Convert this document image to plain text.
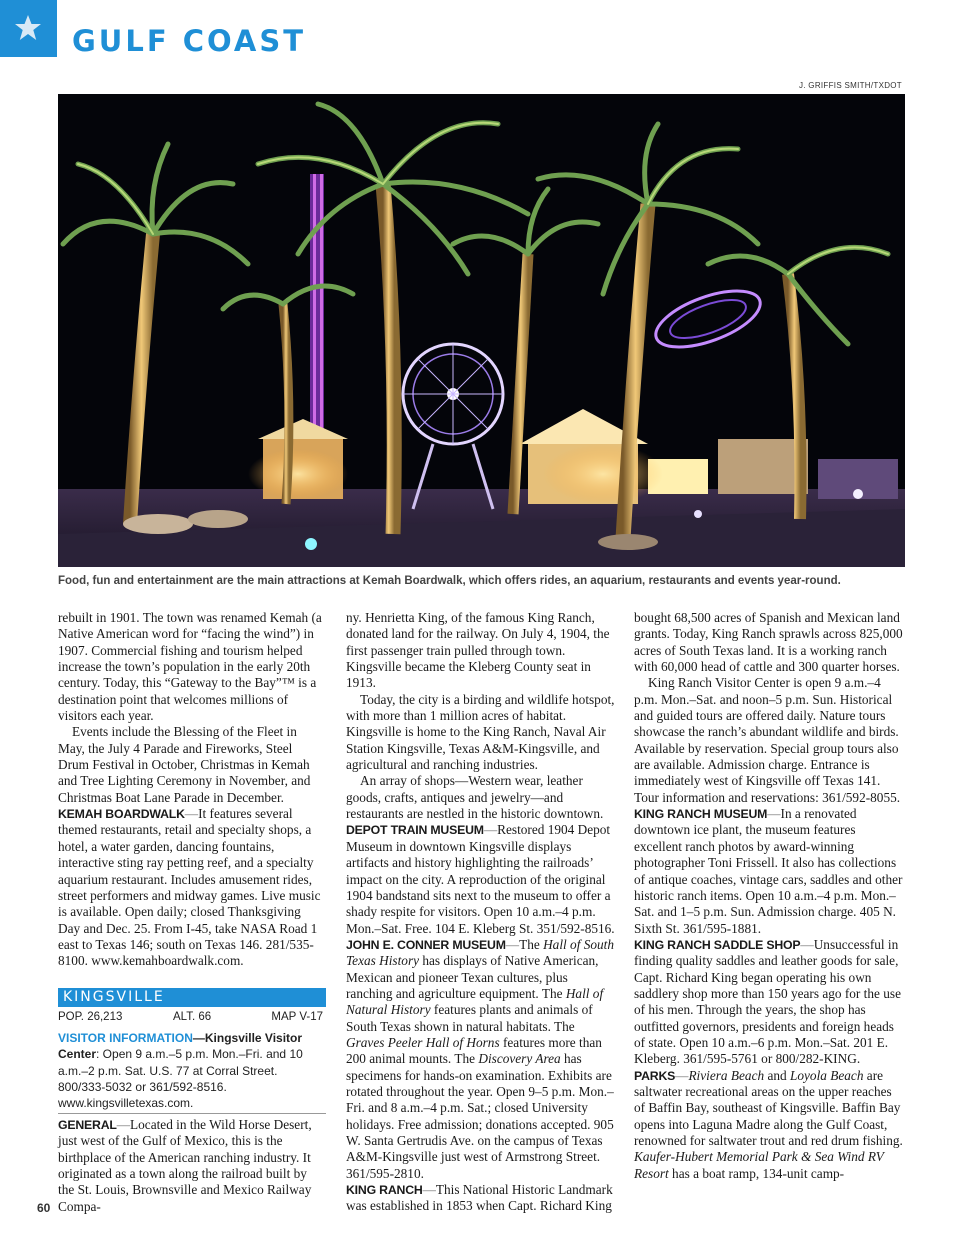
GULF COAST
J. GRIFFIS SMITH/TXDOT
Food, fun and entertainment are the main attractions at Kemah Boardwalk, which offers rides, an aquarium, restaurants and events year-round.

rebuilt in 1901. The town was renamed Kemah (a Native American word for “facing the wind”) in 1907. Commercial fishing and tourism helped increase the town’s population in the early 20th century. Today, this “Gateway to the Bay”™ is a destination point that welcomes millions of visitors each year.

Events include the Blessing of the Fleet in May, the July 4 Parade and Fireworks, Steel Drum Festival in October, Christmas in Kemah and Tree Lighting Ceremony in November, and Christmas Boat Lane Parade in December.

KEMAH BOARDWALK—It features several themed restaurants, retail and specialty shops, a hotel, a water garden, dancing fountains, interactive sting ray petting reef, and a specialty aquarium restaurant. Includes amusement rides, street performers and midway games. Live music is available. Open daily; closed Thanksgiving Day and Dec. 25. From I-45, take NASA Road 1 east to Texas 146; south on Texas 146. 281/535-8100. www.kemahboardwalk.com.

KINGSVILLE
POP. 26,213	ALT. 66	MAP V-17
VISITOR INFORMATION—Kingsville Visitor Center: Open 9 a.m.–5 p.m. Mon.–Fri. and 10 a.m.–2 p.m. Sat. U.S. 77 at Corral Street. 800/333-5032 or 361/592-8516. www.kingsvilletexas.com.
GENERAL—Located in the Wild Horse Desert, just west of the Gulf of Mexico, this is the birthplace of the American ranching industry. It originated as a town along the railroad built by the St. Louis, Brownsville and Mexico Railway Compa-

ny. Henrietta King, of the famous King Ranch, donated land for the railway. On July 4, 1904, the first passenger train pulled through town. Kingsville became the Kleberg County seat in 1913.

Today, the city is a birding and wildlife hotspot, with more than 1 million acres of habitat. Kingsville is home to the King Ranch, Naval Air Station Kingsville, Texas A&M-Kingsville, and agricultural and ranching industries.

An array of shops—Western wear, leather goods, crafts, antiques and jewelry—and restaurants are nestled in the historic downtown.

DEPOT TRAIN MUSEUM—Restored 1904 Depot Museum in downtown Kingsville displays artifacts and history highlighting the railroads’ impact on the city. A reproduction of the original 1904 bandstand sits next to the museum to offer a shady respite for visitors. Open 10 a.m.–4 p.m. Mon.–Sat. Free. 104 E. Kleberg St. 351/592-8516.

JOHN E. CONNER MUSEUM—The Hall of South Texas History has displays of Native American, Mexican and pioneer Texan cultures, plus ranching and agriculture equipment. The Hall of Natural History features plants and animals of South Texas shown in natural habitats. The Graves Peeler Hall of Horns features more than 200 animal mounts. The Discovery Area has specimens for hands-on examination. Exhibits are rotated throughout the year. Open 9–5 p.m. Mon.–Fri. and 8 a.m.–4 p.m. Sat.; closed University holidays. Free admission; donations accepted. 905 W. Santa Gertrudis Ave. on the campus of Texas A&M-Kingsville just west of Armstrong Street. 361/595-2810.

KING RANCH—This National Historic Landmark was established in 1853 when Capt. Richard King

bought 68,500 acres of Spanish and Mexican land grants. Today, King Ranch sprawls across 825,000 acres of South Texas land. It is a working ranch with 60,000 head of cattle and 300 quarter horses.

King Ranch Visitor Center is open 9 a.m.–4 p.m. Mon.–Sat. and noon–5 p.m. Sun. Historical and guided tours are offered daily. Nature tours showcase the ranch’s abundant wildlife and birds. Available by reservation. Special group tours also are available. Admission charge. Entrance is immediately west of Kingsville off Texas 141. Tour information and reservations: 361/592-8055.

KING RANCH MUSEUM—In a renovated downtown ice plant, the museum features excellent ranch photos by award-winning photographer Toni Frissell. It also has collections of antique coaches, vintage cars, saddles and other historic ranch items. Open 10 a.m.–4 p.m. Mon.–Sat. and 1–5 p.m. Sun. Admission charge. 405 N. Sixth St. 361/595-1881.

KING RANCH SADDLE SHOP—Unsuccessful in finding quality saddles and leather goods for sale, Capt. Richard King began operating his own saddlery shop more than 150 years ago for the use of his men. Through the years, the shop has outfitted governors, presidents and foreign heads of state. Open 10 a.m.–6 p.m. Mon.–Sat. 201 E. Kleberg. 361/595-5761 or 800/282-KING.

PARKS—Riviera Beach and Loyola Beach are saltwater recreational areas on the upper reaches of Baffin Bay, southeast of Kingsville. Baffin Bay opens into Laguna Madre along the Gulf Coast, renowned for saltwater trout and red drum fishing. Kaufer-Hubert Memorial Park & Sea Wind RV Resort has a boat ramp, 134-unit camp-

60
